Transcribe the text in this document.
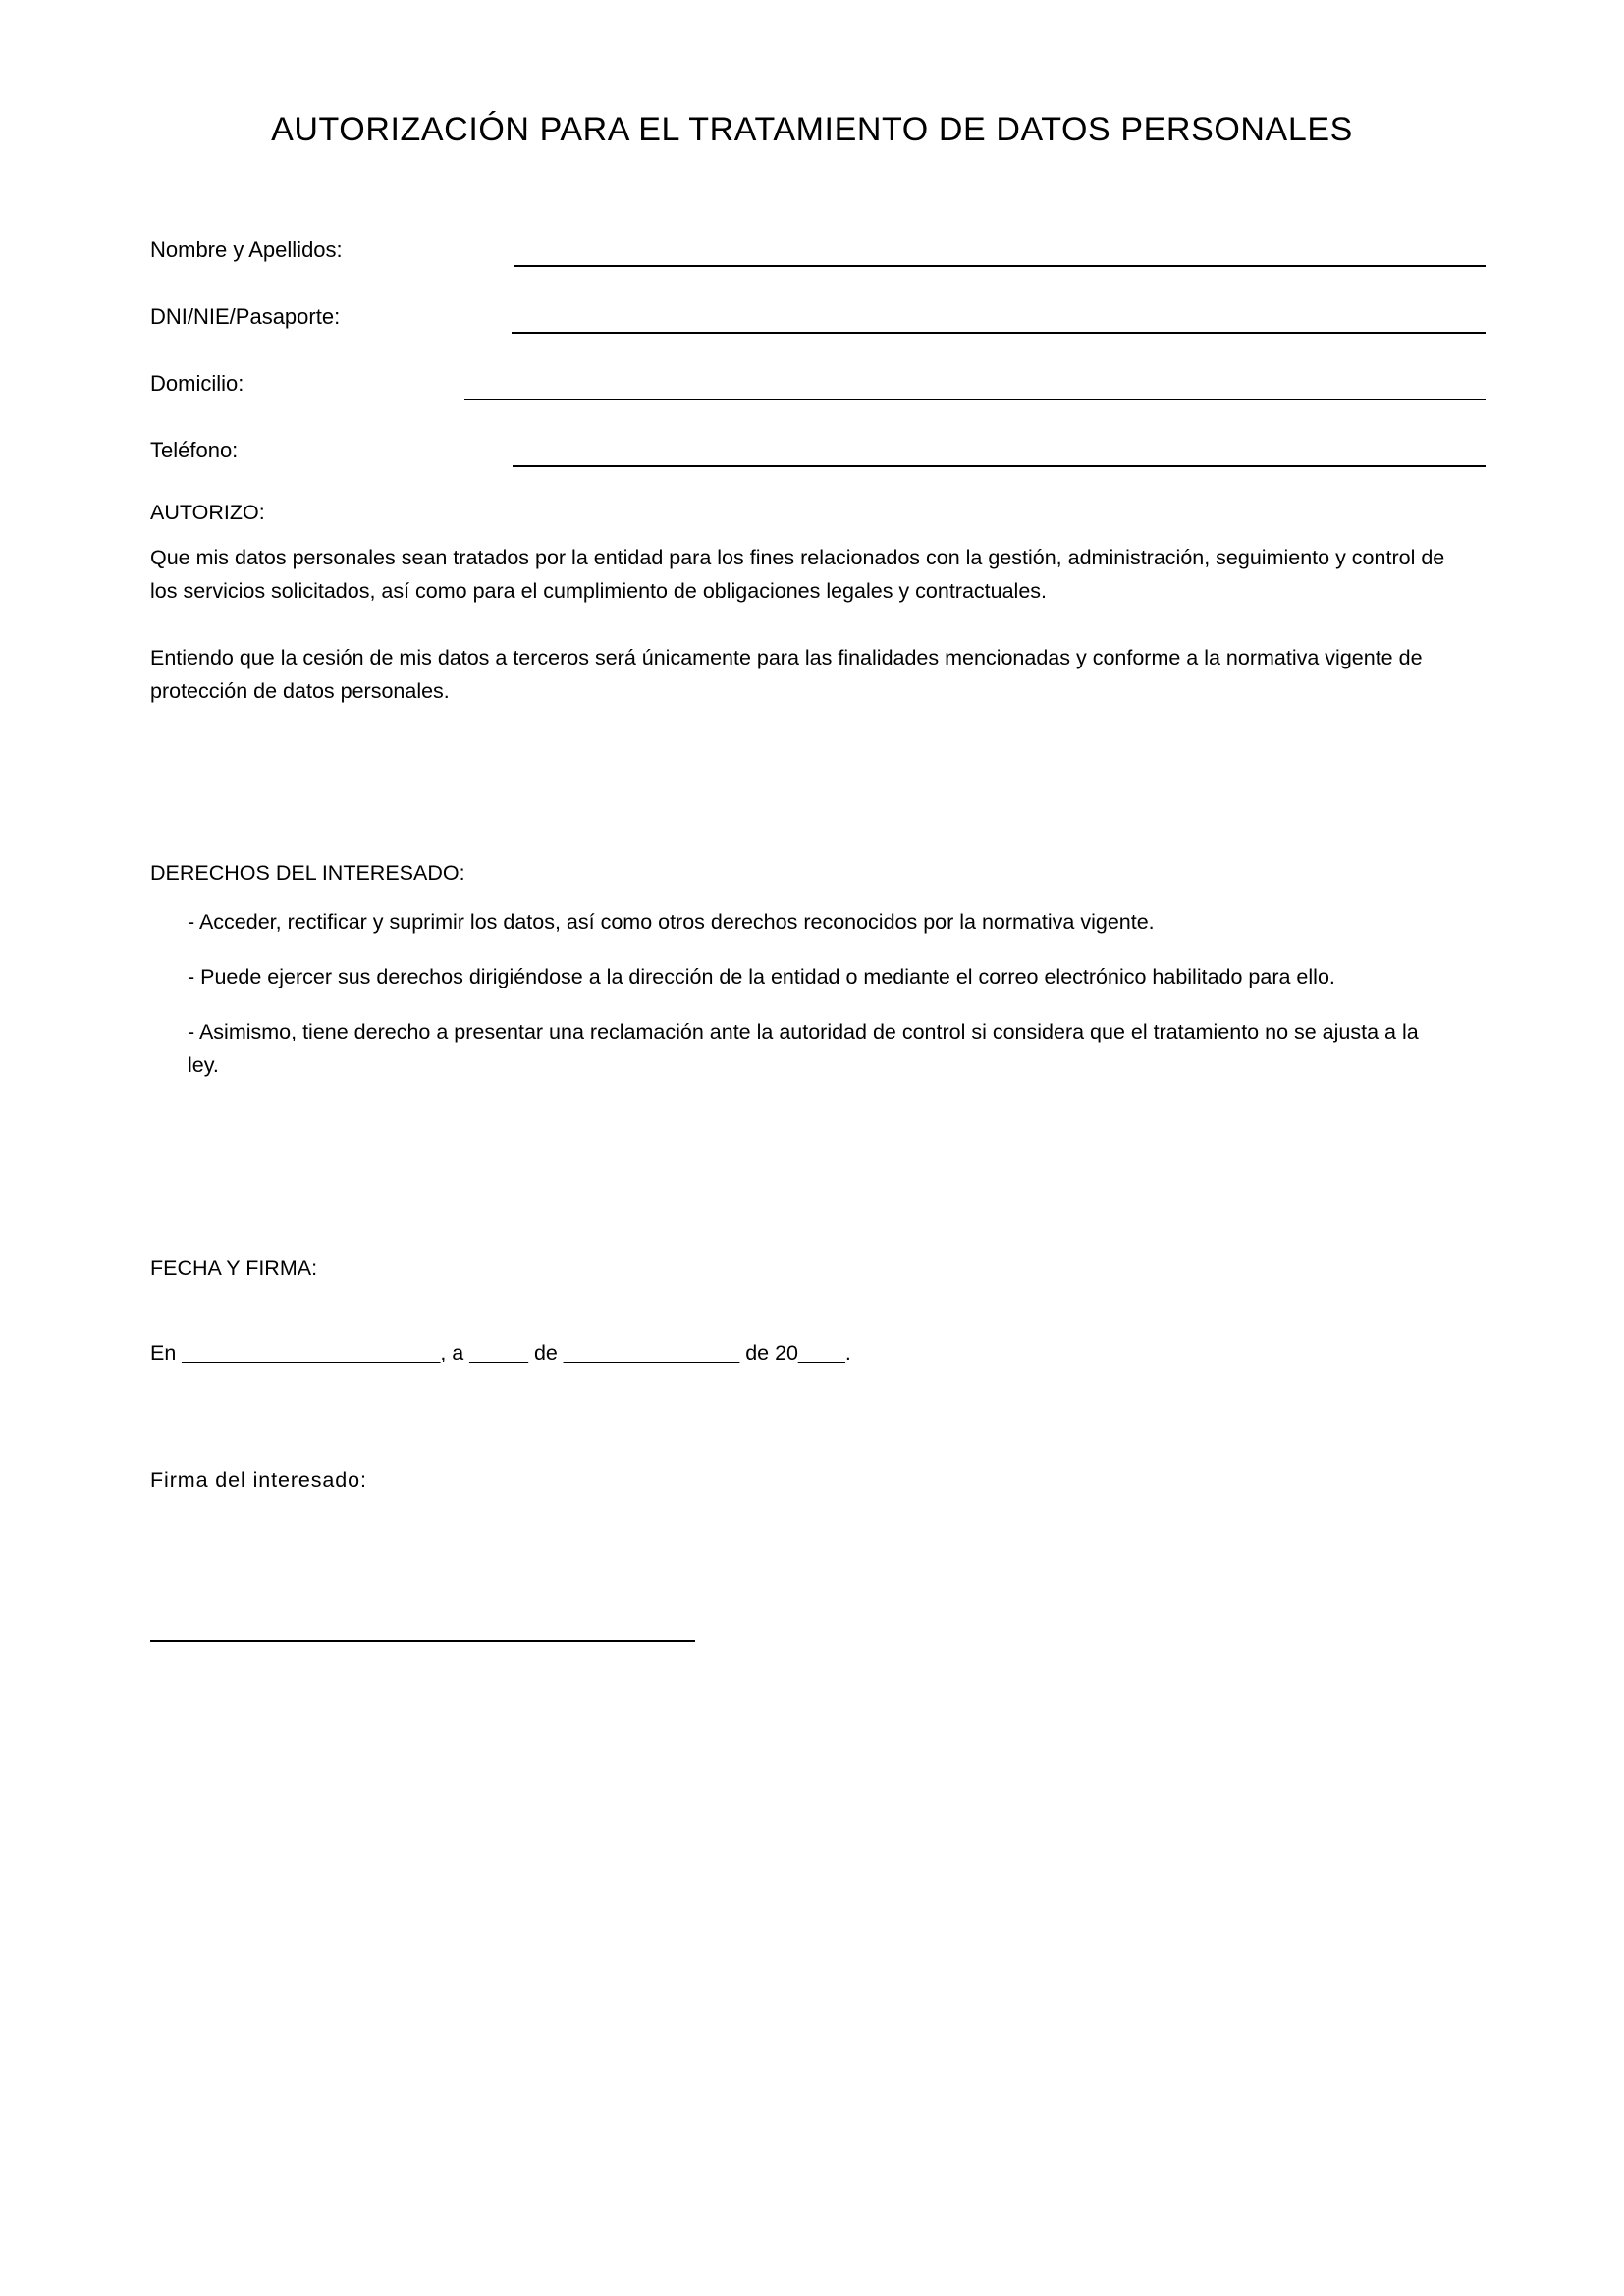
AUTORIZACIÓN PARA EL TRATAMIENTO DE DATOS PERSONALES
Nombre y Apellidos:
DNI/NIE/Pasaporte:
Domicilio:
Teléfono:
AUTORIZO:

Que mis datos personales sean tratados por la entidad para los fines relacionados con la gestión, administración, seguimiento y control de los servicios solicitados, así como para el cumplimiento de obligaciones legales y contractuales.

Entiendo que la cesión de mis datos a terceros será únicamente para las finalidades mencionadas y conforme a la normativa vigente de protección de datos personales.

DERECHOS DEL INTERESADO:
- Acceder, rectificar y suprimir los datos, así como otros derechos reconocidos por la normativa vigente.
- Puede ejercer sus derechos dirigiéndose a la dirección de la entidad o mediante el correo electrónico habilitado para ello.
- Asimismo, tiene derecho a presentar una reclamación ante la autoridad de control si considera que el tratamiento no se ajusta a la ley.
FECHA Y FIRMA:
En ______________________, a _____ de _______________ de 20____.
Firma del interesado:
